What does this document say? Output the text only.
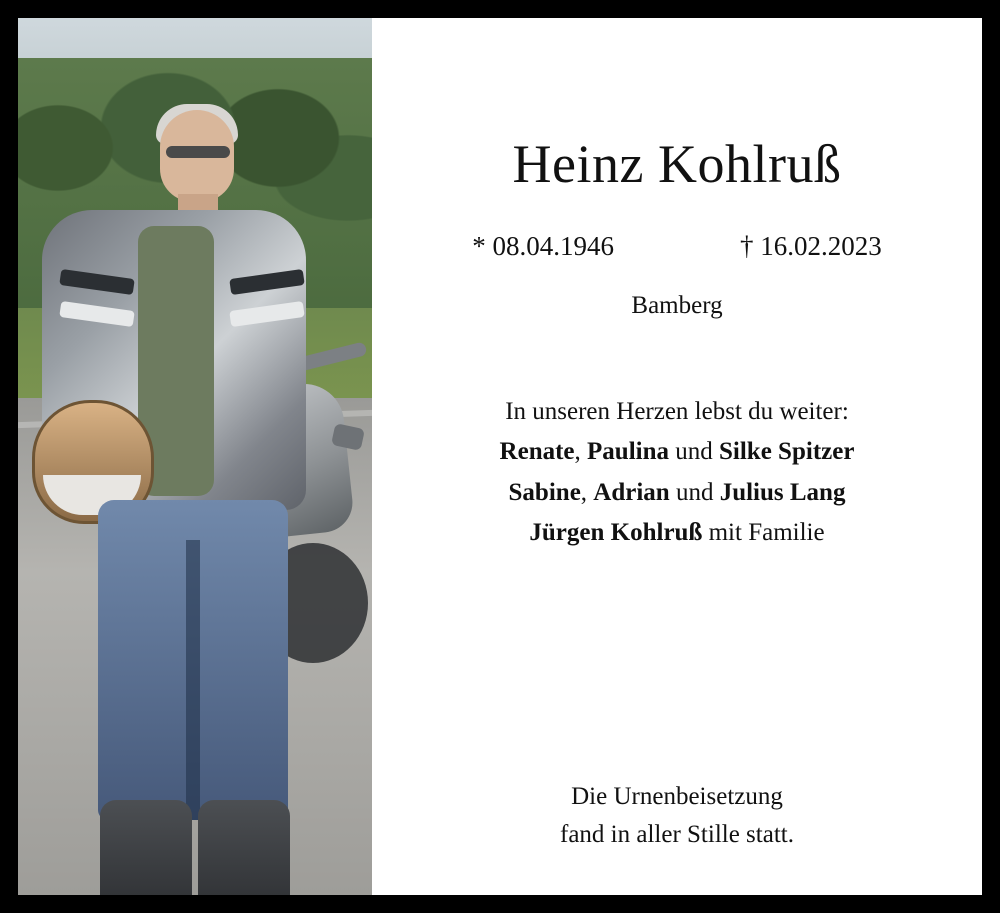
Heinz Kohlruß
* 08.04.1946	† 16.02.2023
Bamberg
In unseren Herzen lebst du weiter:
Renate, Paulina und Silke Spitzer
Sabine, Adrian und Julius Lang
Jürgen Kohlruß mit Familie
Die Urnenbeisetzung
fand in aller Stille statt.
